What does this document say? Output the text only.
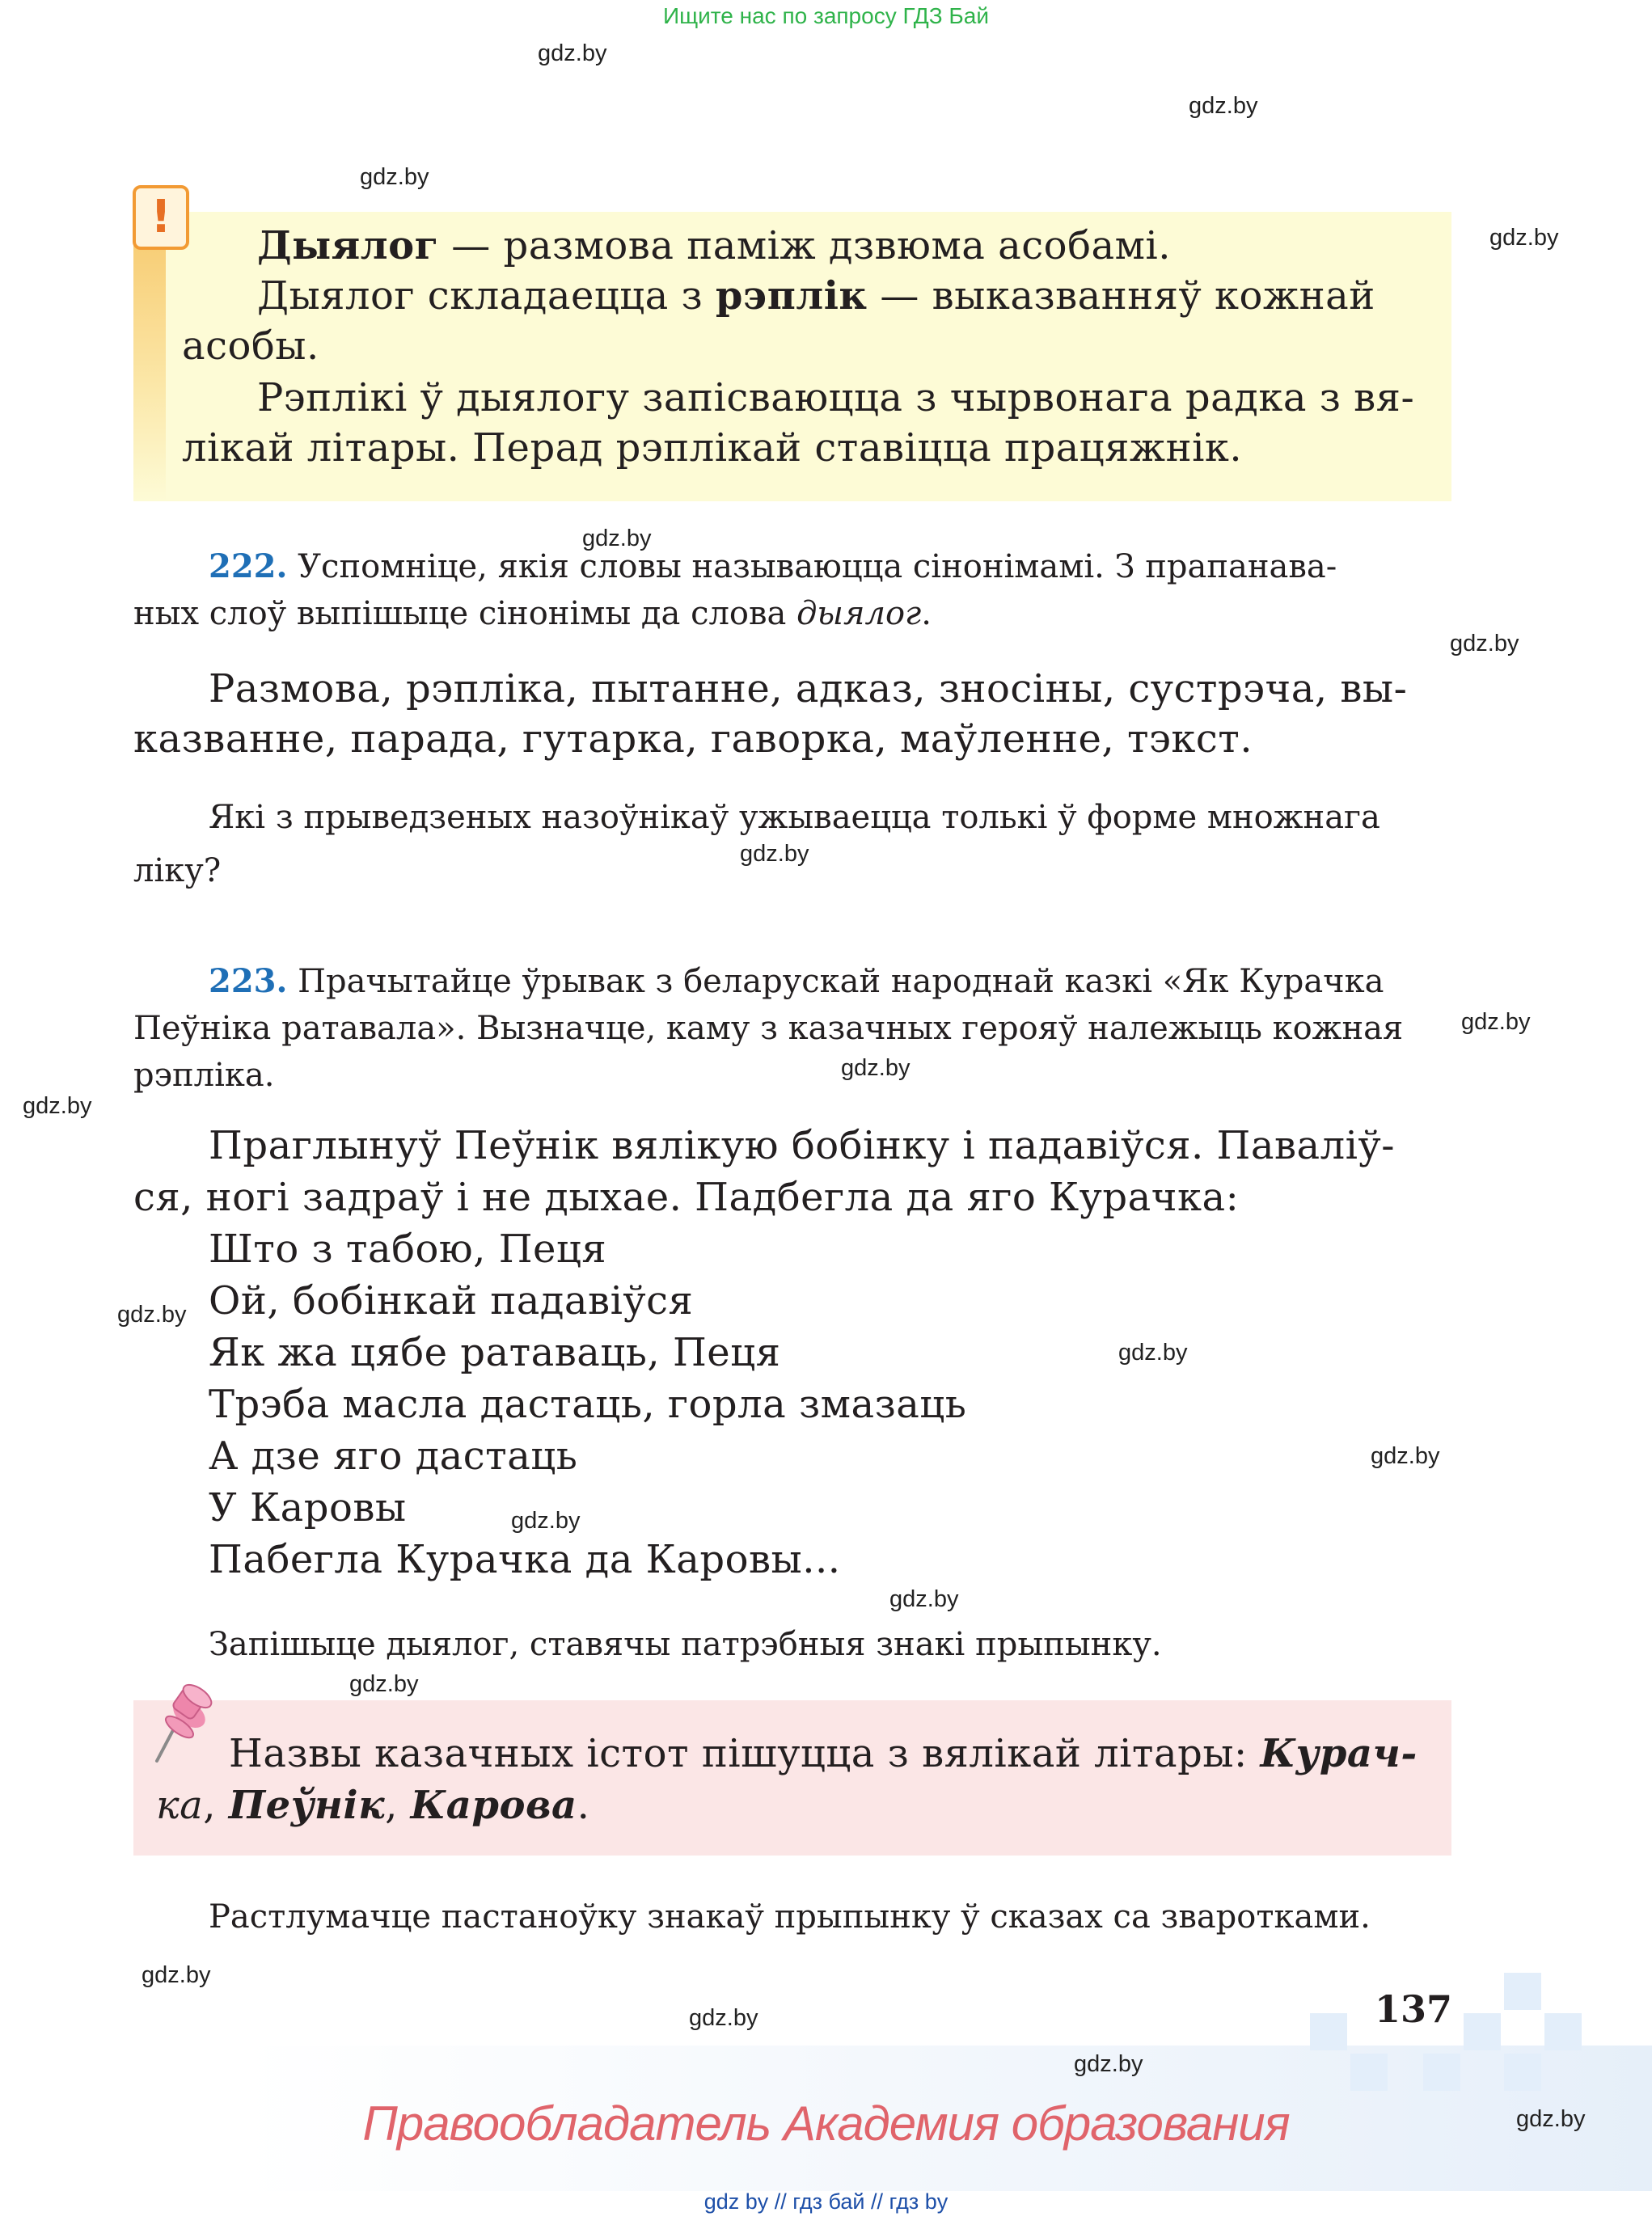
Ищите нас по запросу ГДЗ Бай
gdz.by
gdz.by
gdz.by
gdz.by
gdz.by
gdz.by
gdz.by
gdz.by
gdz.by
gdz.by
gdz.by
gdz.by
gdz.by
gdz.by
gdz.by
gdz.by
gdz.by
gdz.by
gdz.by
gdz.by
!
Дыялог — размова паміж дзвюма асобамі.
Дыялог складаецца з рэплік — выказванняў кожнай
асобы.
Рэплікі ў дыялогу запісваюцца з чырвонага радка з вя-
лікай літары. Перад рэплікай ставіцца працяжнік.
222. Успомніце, якія словы называюцца сінонімамі. З прапанава-
ных слоў выпішыце сінонімы да слова дыялог.
Размова, рэпліка, пытанне, адказ, зносіны, сустрэча, вы-
казванне, парада, гутарка, гаворка, маўленне, тэкст.
Які з прыведзеных назоўнікаў ужываецца толькі ў форме множнага
ліку?
223. Прачытайце ўрывак з беларускай народнай казкі «Як Курачка
Пеўніка ратавала». Вызначце, каму з казачных герояў належыць кожная
рэпліка.
Праглынуў Пеўнік вялікую бобінку і падавіўся. Паваліў-
ся, ногі задраў і не дыхае. Падбегла да яго Курачка:
Што з табою, Пеця
Ой, бобінкай падавіўся
Як жа цябе ратаваць, Пеця
Трэба масла дастаць, горла змазаць
А дзе яго дастаць
У Каровы
Пабегла Курачка да Каровы...
Запішыце дыялог, ставячы патрэбныя знакі прыпынку.
Назвы казачных істот пішуцца з вялікай літары: Курач-
ка, Пеўнік, Карова.
Растлумачце пастаноўку знакаў прыпынку ў сказах са зваротками.
137
Правообладатель Академия образования
gdz by // гдз бай // гдз by
